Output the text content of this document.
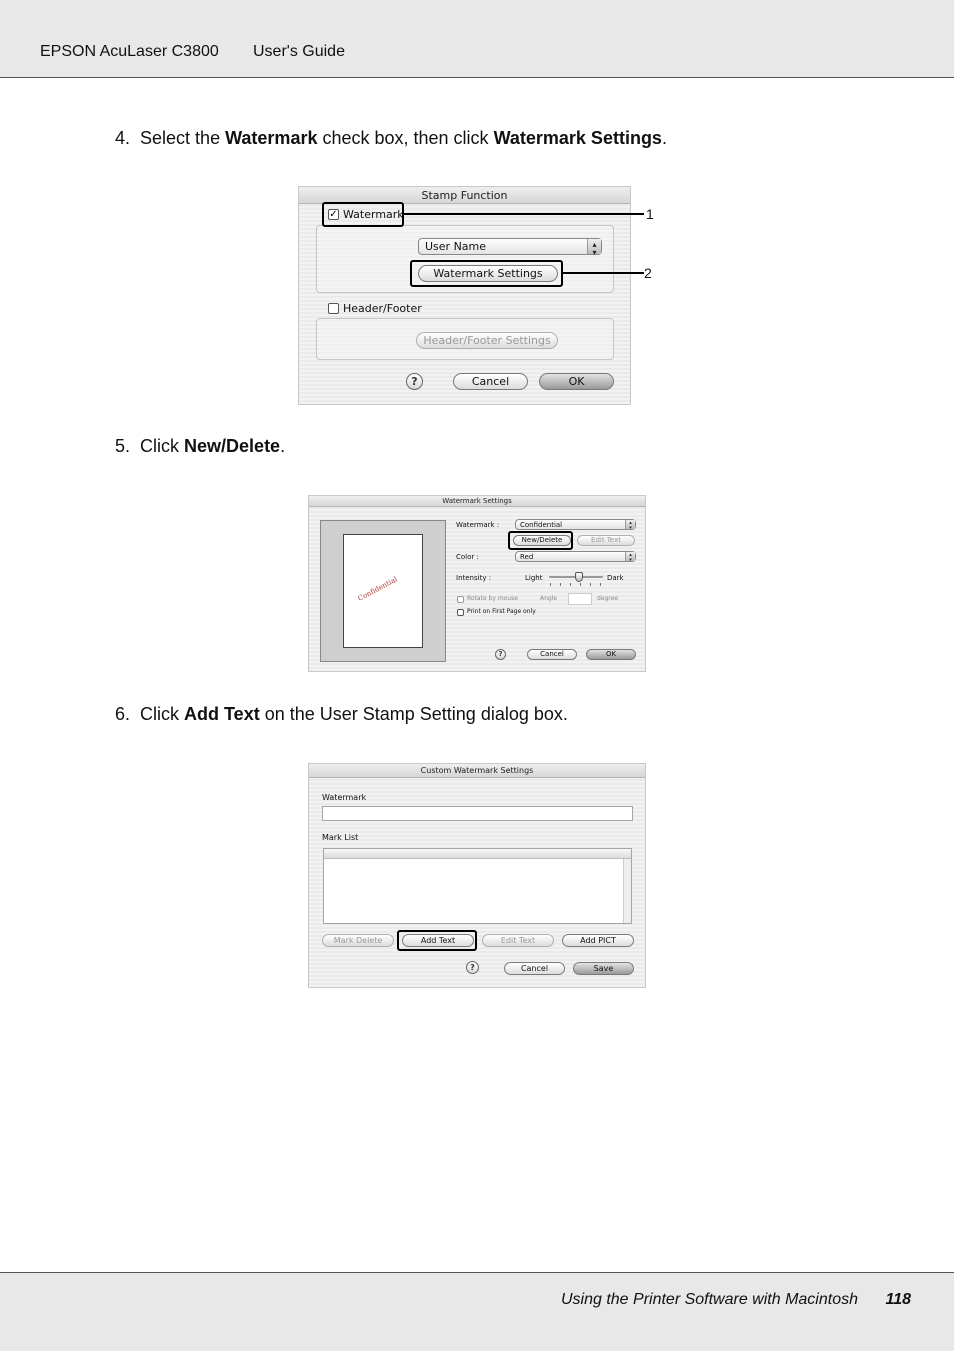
EPSON AcuLaser C3800 User's Guide
4. Select the Watermark check box, then click Watermark Settings.
Stamp Function
✓ Watermark
User Name	▴
▾
Watermark Settings
Header/Footer
Header/Footer Settings
?	Cancel	OK
1
2
5. Click New/Delete.
Watermark Settings
Confidential
Watermark :	Confidential	▴
▾
New/Delete	Edit Text
Color :	Red	▴
▾
Intensity :	Light	Dark
Rotate by mouse	Angle	degree
Print on First Page only
?	Cancel	OK
6. Click Add Text on the User Stamp Setting dialog box.
Custom Watermark Settings
Watermark
Mark List
Mark Delete	Add Text	Edit Text	Add PICT
?	Cancel	Save
Using the Printer Software with Macintosh 118
